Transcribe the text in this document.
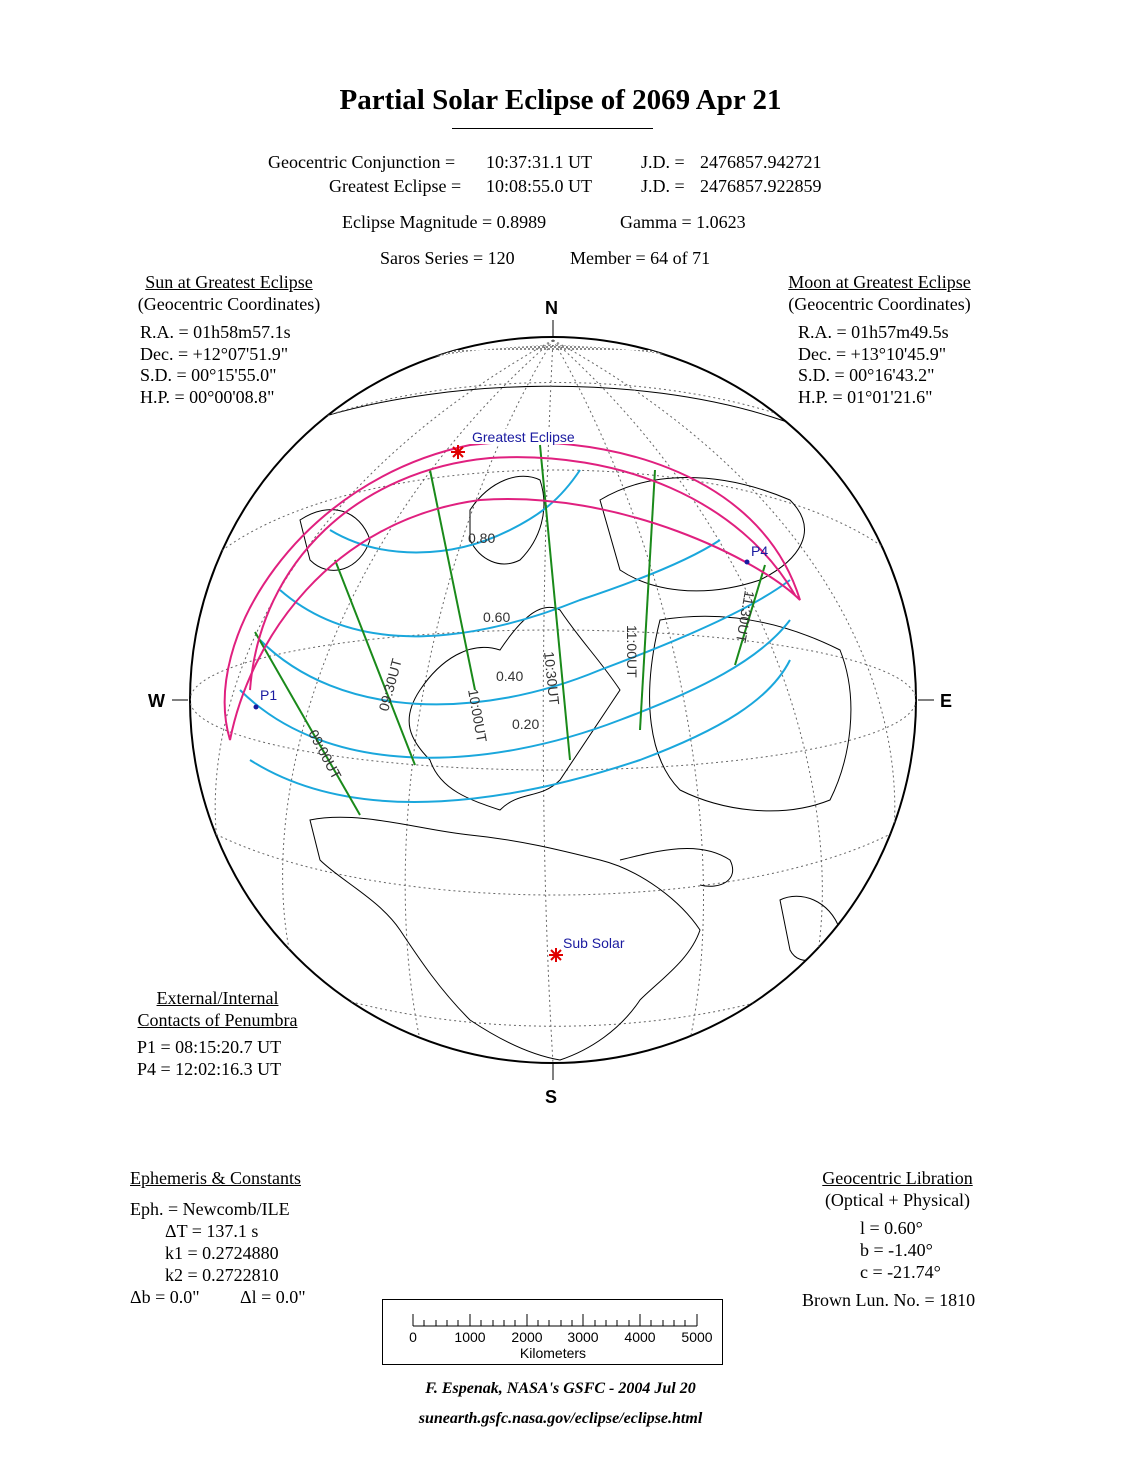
Partial Solar Eclipse of 2069 Apr 21
Geocentric Conjunction = 10:37:31.1 UT	J.D. = 2476857.942721
Greatest Eclipse = 10:08:55.0 UT	J.D. = 2476857.922859
Eclipse Magnitude = 0.8989	Gamma = 1.0623
Saros Series = 120	Member = 64 of 71
Sun at Greatest Eclipse
(Geocentric Coordinates)
R.A. = 01h58m57.1s
Dec. = +12°07'51.9"
S.D. = 00°15'55.0"
H.P. = 00°00'08.8"
Moon at Greatest Eclipse
(Geocentric Coordinates)
R.A. = 01h57m49.5s
Dec. = +13°10'45.9"
S.D. = 00°16'43.2"
H.P. = 01°01'21.6"
N
S
W	E
Greatest Eclipse
Sub Solar
P1
P4
0.80
0.60
0.40
0.20
09:00UT
09:30UT
10:00UT
10:30UT	11:00UT
11:30UT
External/Internal
Contacts of Penumbra
P1 = 08:15:20.7 UT
P4 = 12:02:16.3 UT
Ephemeris & Constants
Eph. = Newcomb/ILE
ΔT = 137.1 s
k1 = 0.2724880
k2 = 0.2722810
Δb = 0.0" Δl = 0.0"
Geocentric Libration
(Optical + Physical)
l = 0.60°
b = -1.40°
c = -21.74°
Brown Lun. No. = 1810
0	1000 2000 3000 4000 5000
Kilometers
F. Espenak, NASA's GSFC - 2004 Jul 20
sunearth.gsfc.nasa.gov/eclipse/eclipse.html
